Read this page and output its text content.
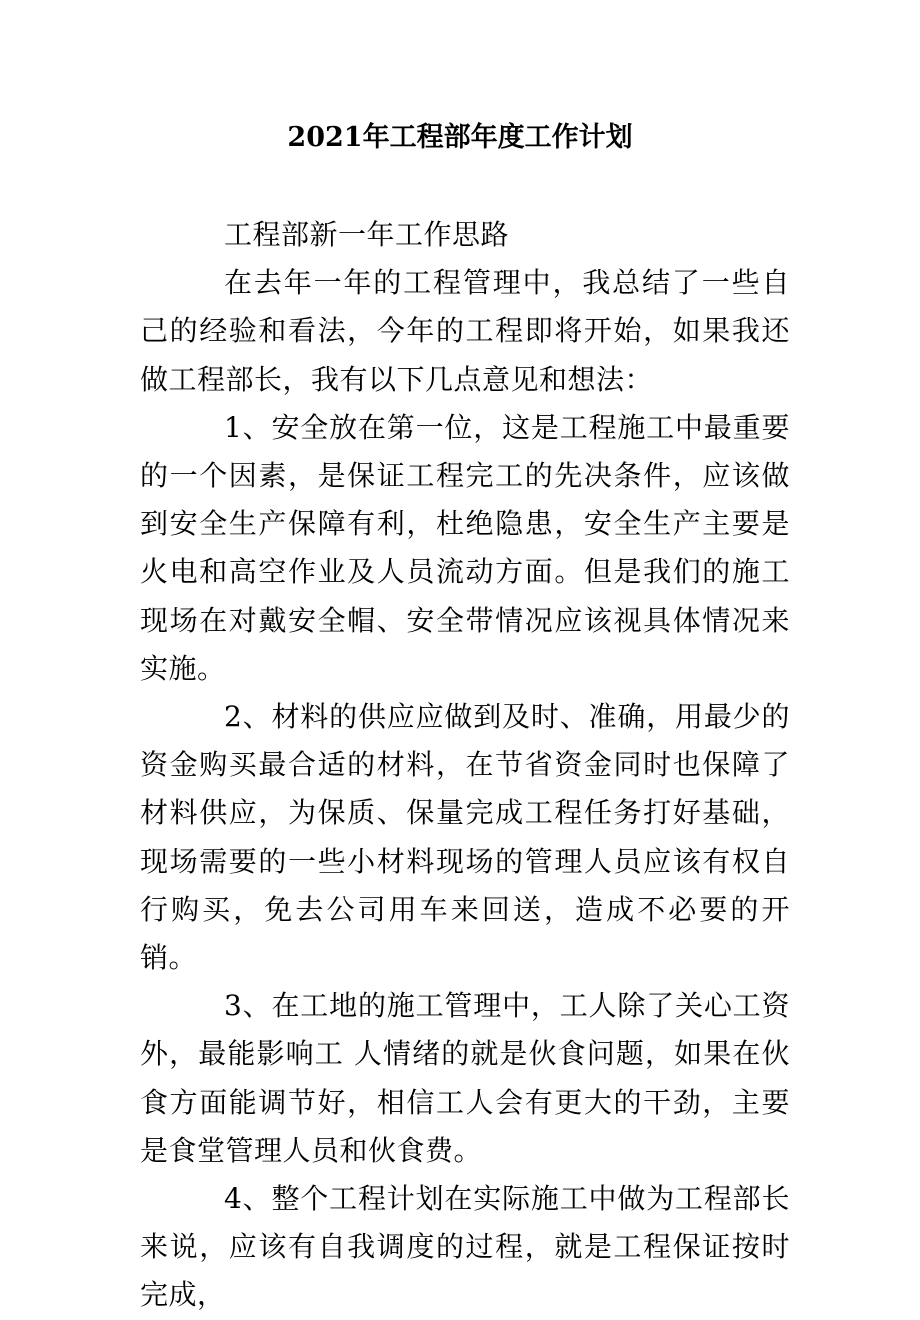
2021年工程部年度工作计划

工程部新一年工作思路

在去年一年的工程管理中，我总结了一些自己的经验和看法，今年的工程即将开始，如果我还做工程部长，我有以下几点意见和想法：

1、安全放在第一位，这是工程施工中最重要的一个因素，是保证工程完工的先决条件，应该做到安全生产保障有利，杜绝隐患，安全生产主要是火电和高空作业及人员流动方面。但是我们的施工现场在对戴安全帽、安全带情况应该视具体情况来实施。

2、材料的供应应做到及时、准确，用最少的资金购买最合适的材料，在节省资金同时也保障了材料供应，为保质、保量完成工程任务打好基础，现场需要的一些小材料现场的管理人员应该有权自行购买，免去公司用车来回送，造成不必要的开销。

3、在工地的施工管理中，工人除了关心工资外，最能影响工 人情绪的就是伙食问题，如果在伙食方面能调节好，相信工人会有更大的干劲，主要是食堂管理人员和伙食费。

4、整个工程计划在实际施工中做为工程部长来说，应该有自我调度的过程，就是工程保证按时完成，
